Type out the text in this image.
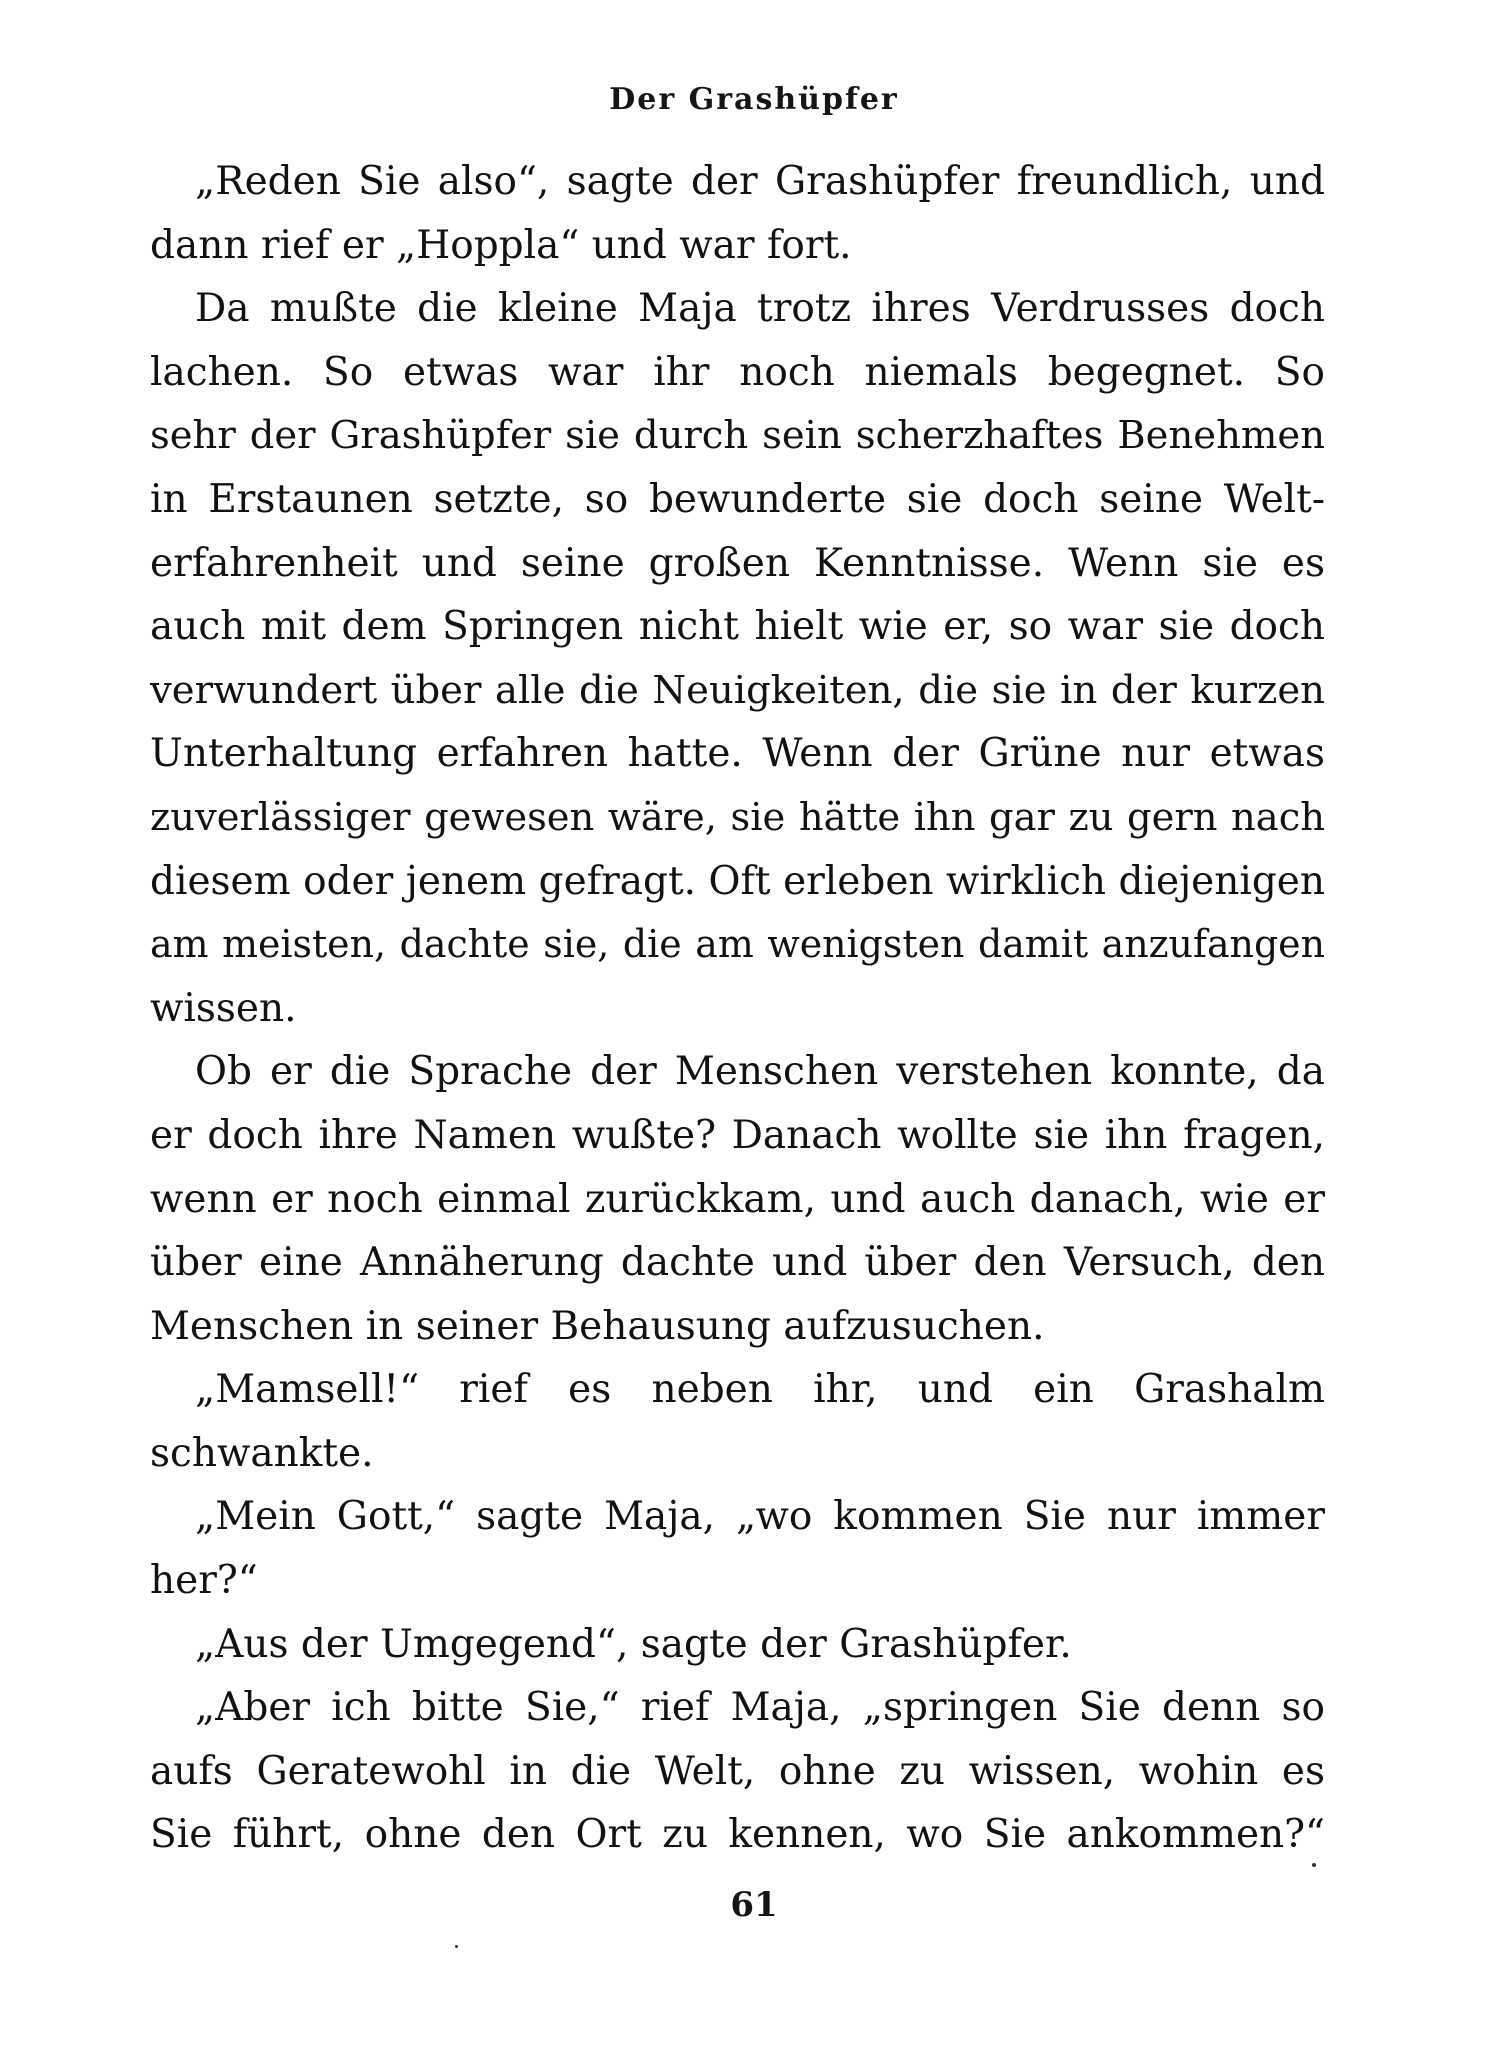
Der Grashüpfer
„Reden Sie also“, sagte der Grashüpfer freundlich, und
dann rief er „Hoppla“ und war fort.
Da mußte die kleine Maja trotz ihres Verdrusses doch
lachen. So etwas war ihr noch niemals begegnet. So
sehr der Grashüpfer sie durch sein scherzhaftes Benehmen
in Erstaunen setzte, so bewunderte sie doch seine Welt-
erfahrenheit und seine großen Kenntnisse. Wenn sie es
auch mit dem Springen nicht hielt wie er, so war sie doch
verwundert über alle die Neuigkeiten, die sie in der kurzen
Unterhaltung erfahren hatte. Wenn der Grüne nur etwas
zuverlässiger gewesen wäre, sie hätte ihn gar zu gern nach
diesem oder jenem gefragt. Oft erleben wirklich diejenigen
am meisten, dachte sie, die am wenigsten damit anzufangen
wissen.
Ob er die Sprache der Menschen verstehen konnte, da
er doch ihre Namen wußte? Danach wollte sie ihn fragen,
wenn er noch einmal zurückkam, und auch danach, wie er
über eine Annäherung dachte und über den Versuch, den
Menschen in seiner Behausung aufzusuchen.
„Mamsell!“ rief es neben ihr, und ein Grashalm
schwankte.
„Mein Gott,“ sagte Maja, „wo kommen Sie nur immer
her?“
„Aus der Umgegend“, sagte der Grashüpfer.
„Aber ich bitte Sie,“ rief Maja, „springen Sie denn so
aufs Geratewohl in die Welt, ohne zu wissen, wohin es
Sie führt, ohne den Ort zu kennen, wo Sie ankommen?“
61
